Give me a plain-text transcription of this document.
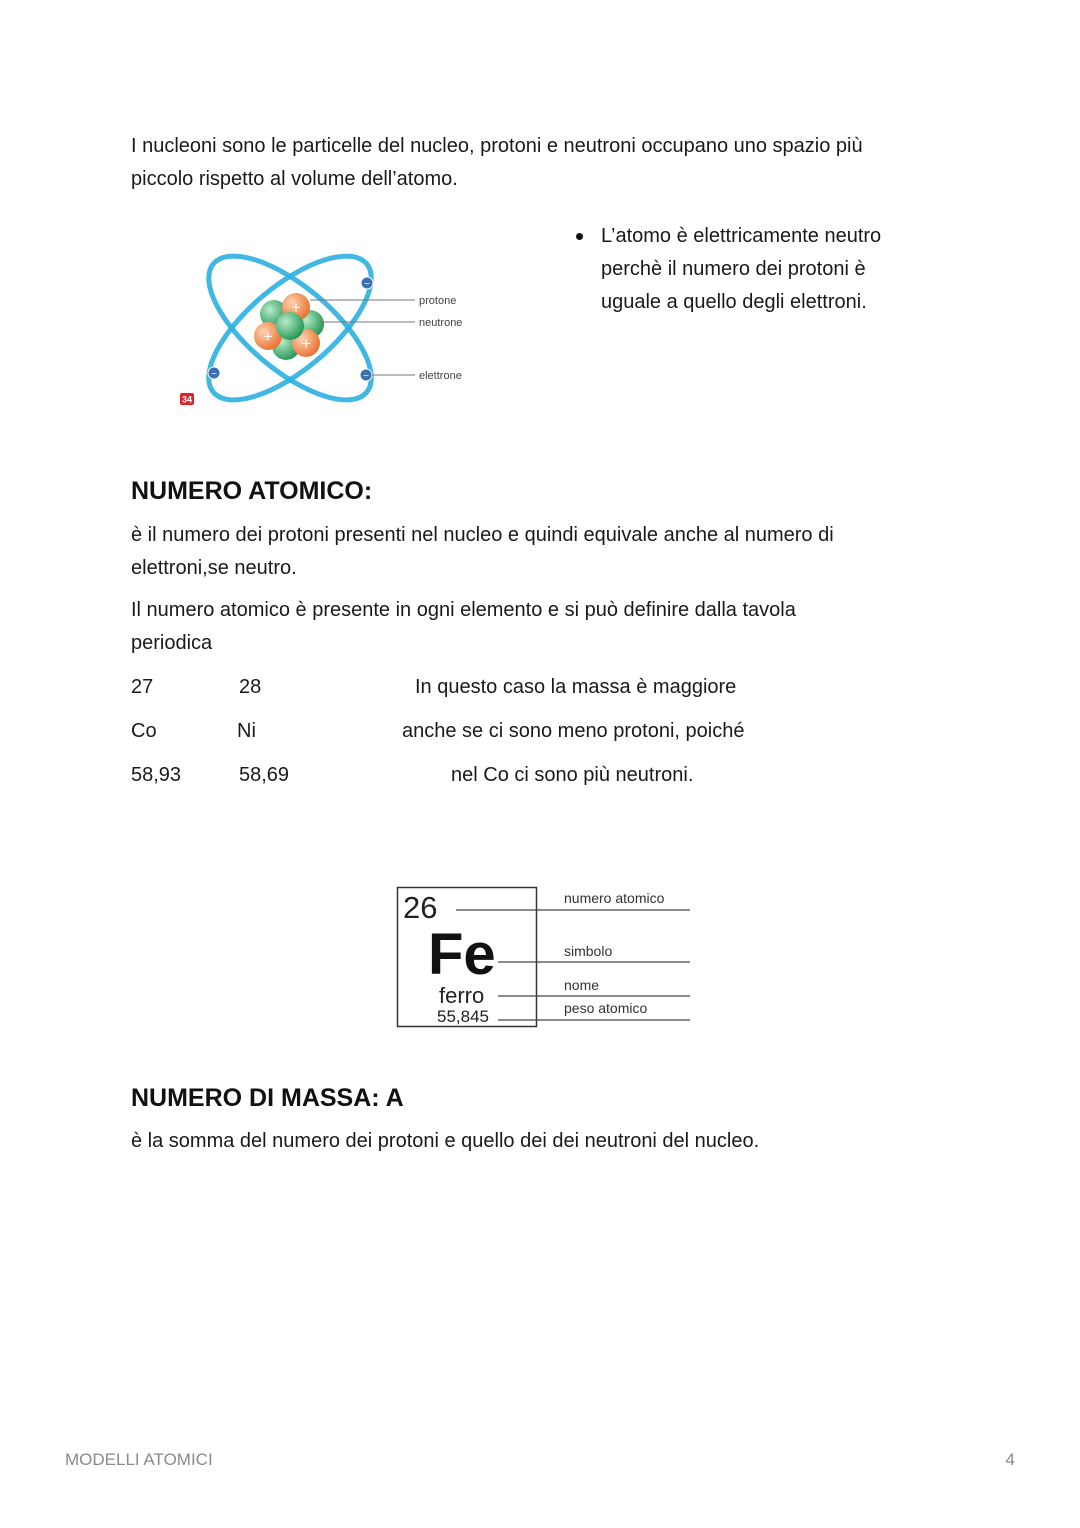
I nucleoni sono le particelle del nucleo, protoni e neutroni occupano uno spazio più
piccolo rispetto al volume dell’atomo.

+
+ +
−
−	−
protone
neutrone
elettrone
34

L’atomo è elettricamente neutro
perchè il numero dei protoni è
uguale a quello degli elettroni.

NUMERO ATOMICO:

è il numero dei protoni presenti nel nucleo e quindi equivale anche al numero di
elettroni,se neutro.

Il numero atomico è presente in ogni elemento e si può definire dalla tavola
periodica

27	28	In questo caso la massa è maggiore
Co	Ni	anche se ci sono meno protoni, poiché
58,93	58,69	nel Co ci sono più neutroni.
26
Fe
ferro
55,845
numero atomico
simbolo
nome
peso atomico
NUMERO DI MASSA: A

è la somma del numero dei protoni e quello dei dei neutroni del nucleo.

MODELLI ATOMICI	4
